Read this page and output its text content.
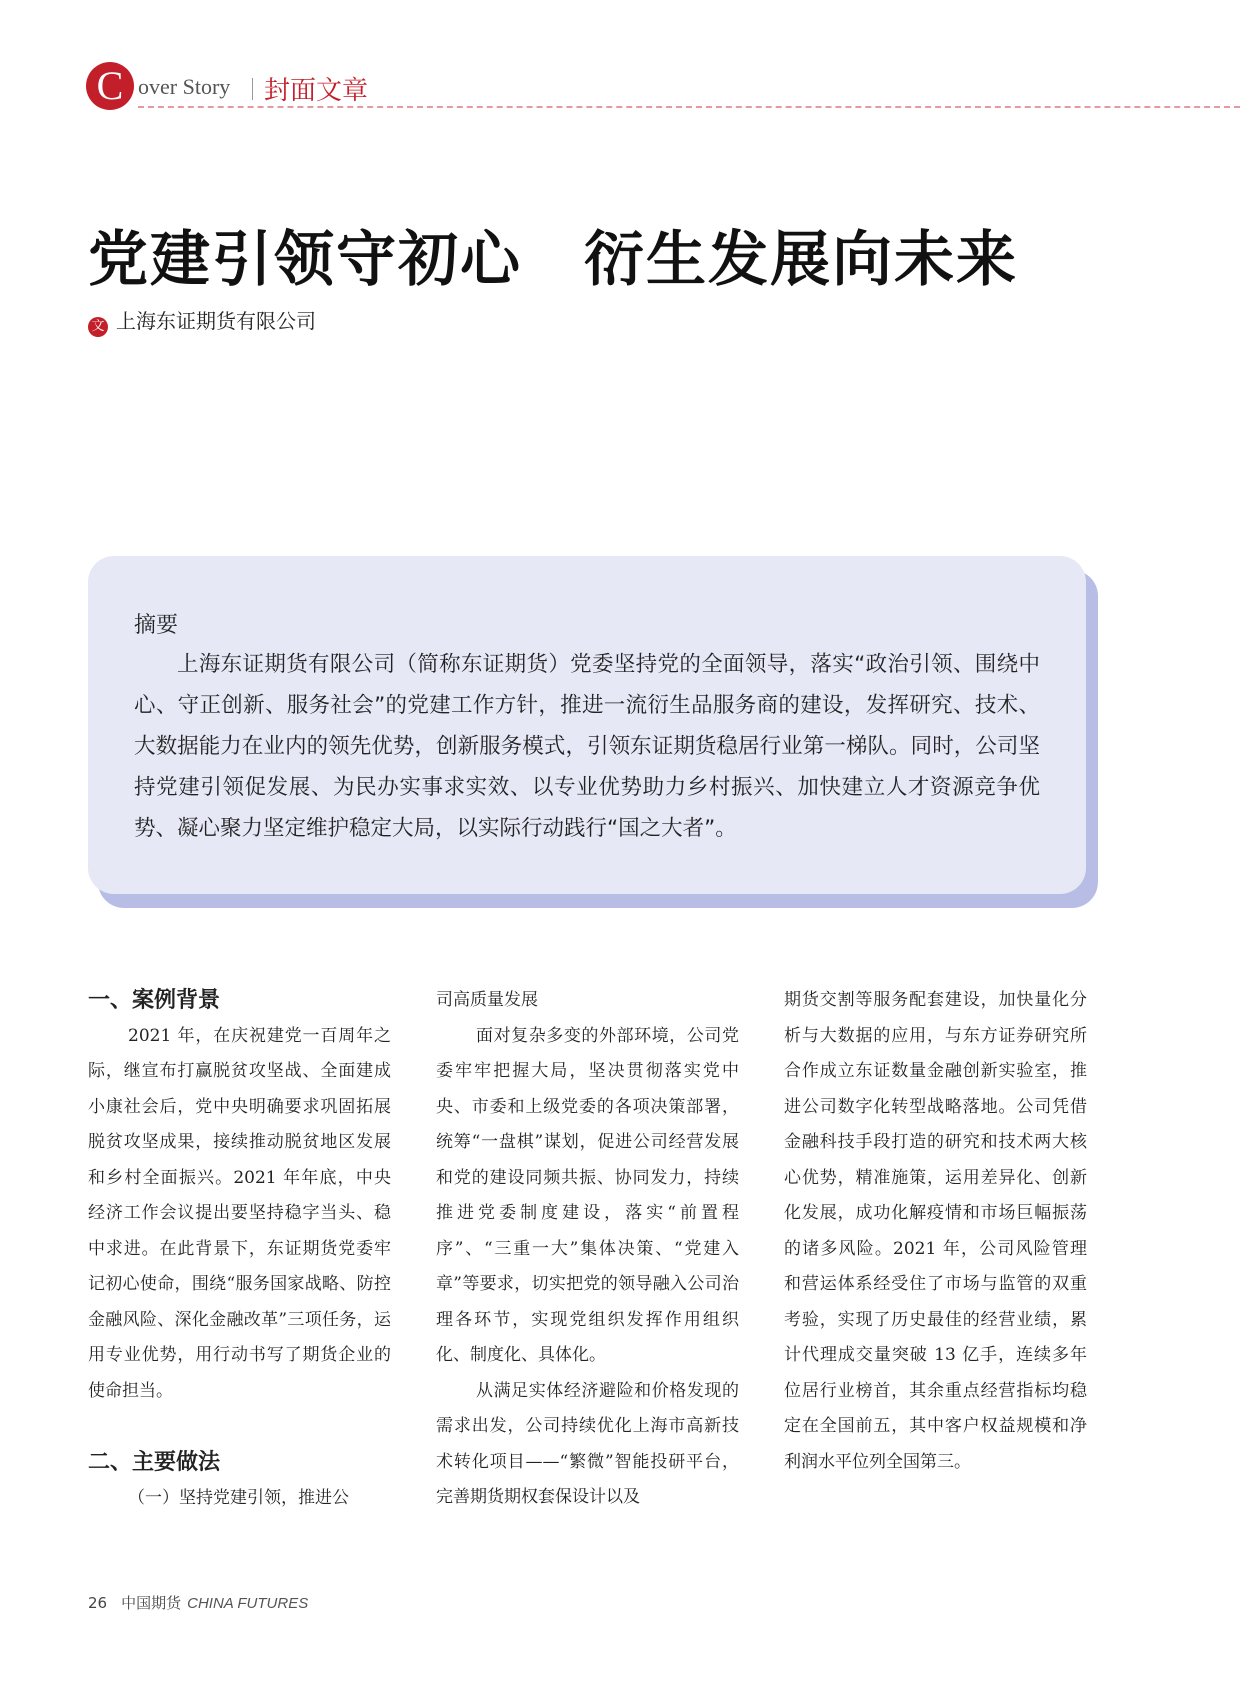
C over Story 封面文章
党建引领守初心　衍生发展向未来
文 上海东证期货有限公司
摘要
上海东证期货有限公司（简称东证期货）党委坚持党的全面领导，落实“政治引领、围绕中心、守正创新、服务社会”的党建工作方针，推进一流衍生品服务商的建设，发挥研究、技术、大数据能力在业内的领先优势，创新服务模式，引领东证期货稳居行业第一梯队。同时，公司坚持党建引领促发展、为民办实事求实效、以专业优势助力乡村振兴、加快建立人才资源竞争优势、凝心聚力坚定维护稳定大局，以实际行动践行“国之大者”。

一、案例背景

2021 年，在庆祝建党一百周年之际，继宣布打赢脱贫攻坚战、全面建成小康社会后，党中央明确要求巩固拓展脱贫攻坚成果，接续推动脱贫地区发展和乡村全面振兴。2021 年年底，中央经济工作会议提出要坚持稳字当头、稳中求进。在此背景下，东证期货党委牢记初心使命，围绕“服务国家战略、防控金融风险、深化金融改革”三项任务，运用专业优势，用行动书写了期货企业的使命担当。

二、主要做法

（一）坚持党建引领，推进公

司高质量发展

面对复杂多变的外部环境，公司党委牢牢把握大局，坚决贯彻落实党中央、市委和上级党委的各项决策部署，统筹“一盘棋”谋划，促进公司经营发展和党的建设同频共振、协同发力，持续推进党委制度建设，落实“前置程序”、“三重一大”集体决策、“党建入章”等要求，切实把党的领导融入公司治理各环节，实现党组织发挥作用组织化、制度化、具体化。

从满足实体经济避险和价格发现的需求出发，公司持续优化上海市高新技术转化项目——“繁微”智能投研平台，完善期货期权套保设计以及

期货交割等服务配套建设，加快量化分析与大数据的应用，与东方证券研究所合作成立东证数量金融创新实验室，推进公司数字化转型战略落地。公司凭借金融科技手段打造的研究和技术两大核心优势，精准施策，运用差异化、创新化发展，成功化解疫情和市场巨幅振荡的诸多风险。2021 年，公司风险管理和营运体系经受住了市场与监管的双重考验，实现了历史最佳的经营业绩，累计代理成交量突破 13 亿手，连续多年位居行业榜首，其余重点经营指标均稳定在全国前五，其中客户权益规模和净利润水平位列全国第三。

26 中国期货 CHINA FUTURES
